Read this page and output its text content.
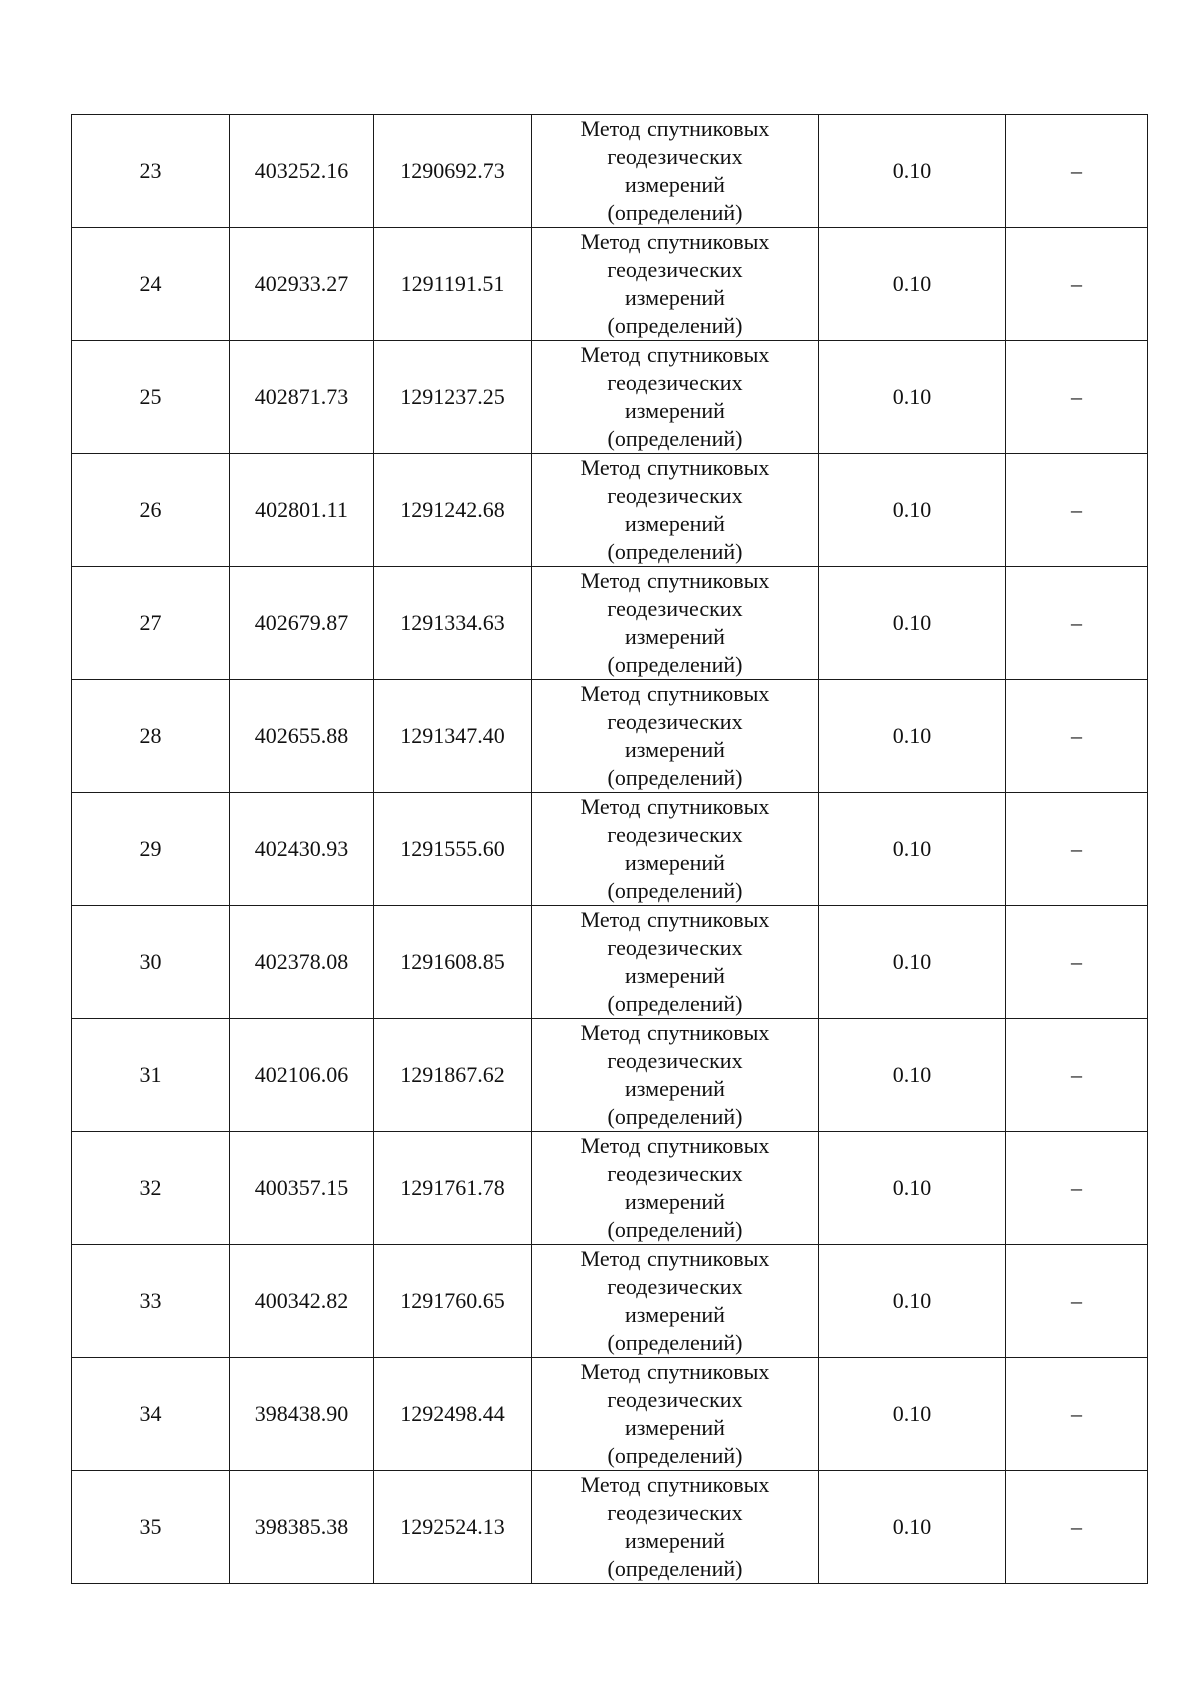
23	403252.16	1290692.73	Метод спутниковых геодезических измерений (определений)	0.10	–
24	402933.27	1291191.51	Метод спутниковых геодезических измерений (определений)	0.10	–
25	402871.73	1291237.25	Метод спутниковых геодезических измерений (определений)	0.10	–
26	402801.11	1291242.68	Метод спутниковых геодезических измерений (определений)	0.10	–
27	402679.87	1291334.63	Метод спутниковых геодезических измерений (определений)	0.10	–
28	402655.88	1291347.40	Метод спутниковых геодезических измерений (определений)	0.10	–
29	402430.93	1291555.60	Метод спутниковых геодезических измерений (определений)	0.10	–
30	402378.08	1291608.85	Метод спутниковых геодезических измерений (определений)	0.10	–
31	402106.06	1291867.62	Метод спутниковых геодезических измерений (определений)	0.10	–
32	400357.15	1291761.78	Метод спутниковых геодезических измерений (определений)	0.10	–
33	400342.82	1291760.65	Метод спутниковых геодезических измерений (определений)	0.10	–
34	398438.90	1292498.44	Метод спутниковых геодезических измерений (определений)	0.10	–
35	398385.38	1292524.13	Метод спутниковых геодезических измерений (определений)	0.10	–
